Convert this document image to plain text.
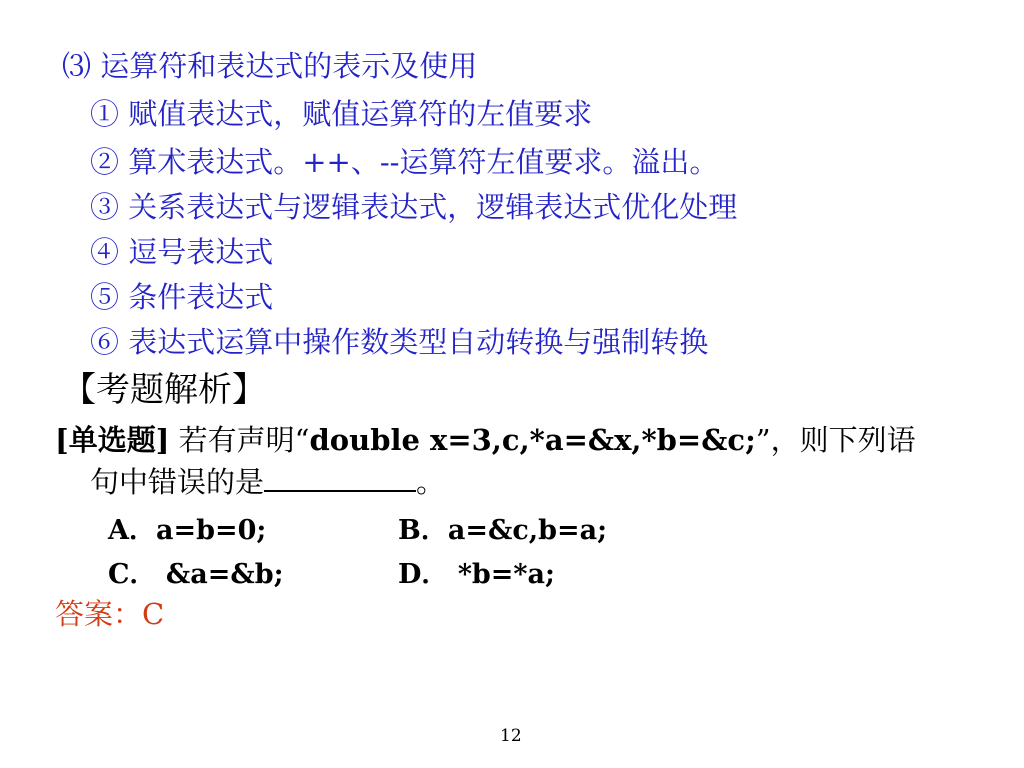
⑶ 运算符和表达式的表示及使用
① 赋值表达式，赋值运算符的左值要求
② 算术表达式。++、--运算符左值要求。溢出。
③ 关系表达式与逻辑表达式，逻辑表达式优化处理
④ 逗号表达式
⑤ 条件表达式
⑥ 表达式运算中操作数类型自动转换与强制转换
【考题解析】
[单选题] 若有声明“double x=3,c,*a=&x,*b=&c;”，则下列语
句中错误的是	。
A．a=b=0;	B．a=&c,b=a;
C． &a=&b;	D． *b=*a;
答案：C
12
